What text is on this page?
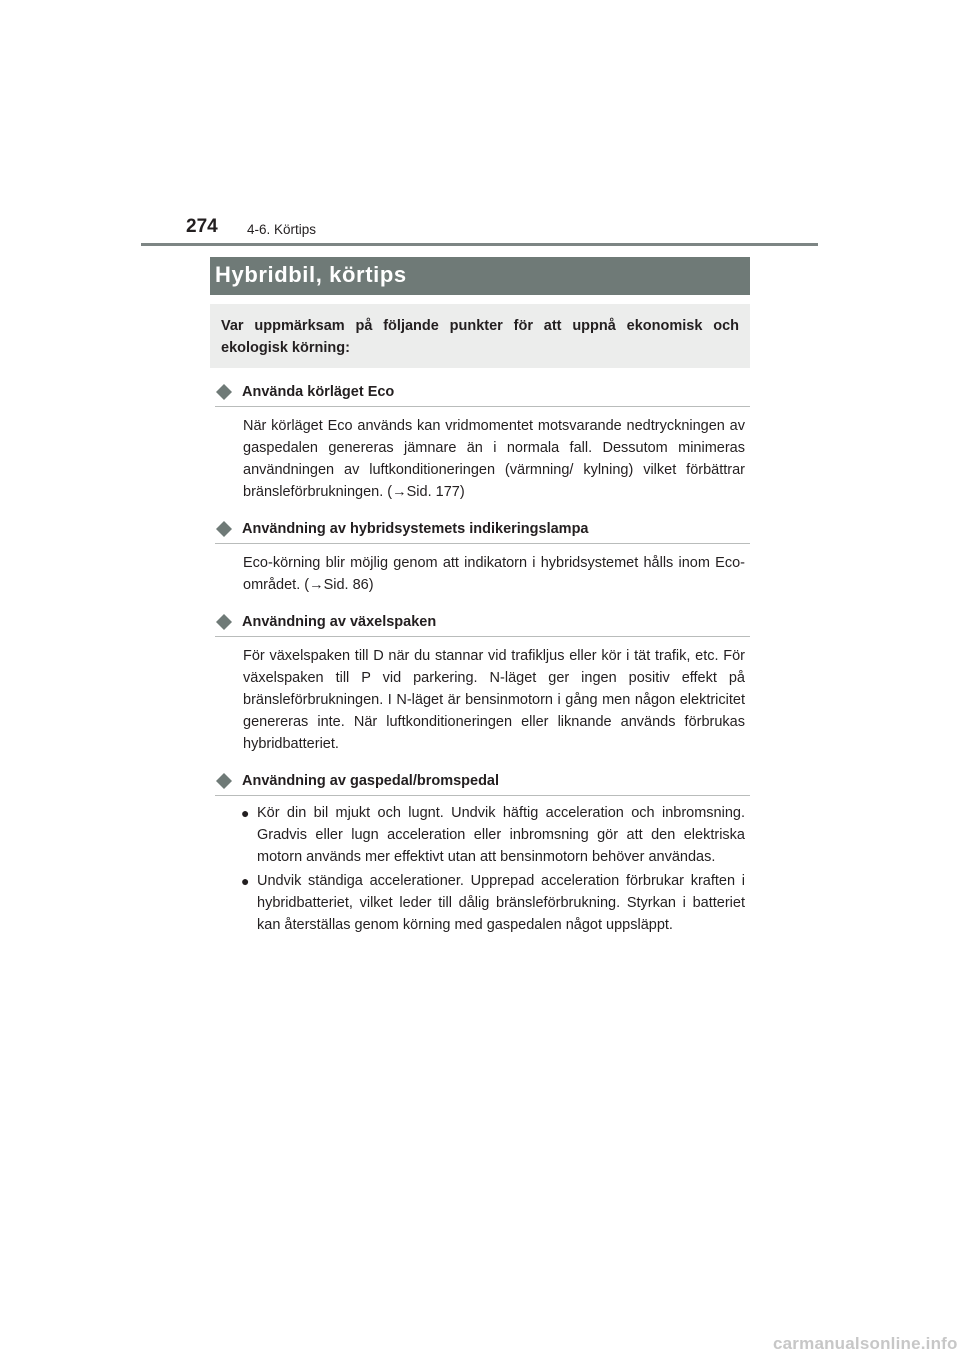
274 4-6. Körtips
Hybridbil, körtips
Var uppmärksam på följande punkter för att uppnå ekonomisk och ekologisk körning:
Använda körläget Eco
När körläget Eco används kan vridmomentet motsvarande nedtryckningen av gaspedalen genereras jämnare än i normala fall. Dessutom minimeras användningen av luftkonditioneringen (värmning/ kylning) vilket förbättrar bränsleförbrukningen. (→Sid. 177)
Användning av hybridsystemets indikeringslampa
Eco-körning blir möjlig genom att indikatorn i hybridsystemet hålls inom Eco-området. (→Sid. 86)
Användning av växelspaken
För växelspaken till D när du stannar vid trafikljus eller kör i tät trafik, etc. För växelspaken till P vid parkering. N-läget ger ingen positiv effekt på bränsleförbrukningen. I N-läget är bensinmotorn i gång men någon elektricitet genereras inte. När luftkonditioneringen eller liknande används förbrukas hybridbatteriet.
Användning av gaspedal/bromspedal
● Kör din bil mjukt och lugnt. Undvik häftig acceleration och inbromsning. Gradvis eller lugn acceleration eller inbromsning gör att den elektriska motorn används mer effektivt utan att bensinmotorn behöver användas.
● Undvik ständiga accelerationer. Upprepad acceleration förbrukar kraften i hybridbatteriet, vilket leder till dålig bränsleförbrukning. Styrkan i batteriet kan återställas genom körning med gaspedalen något uppsläppt.
carmanualsonline.info
